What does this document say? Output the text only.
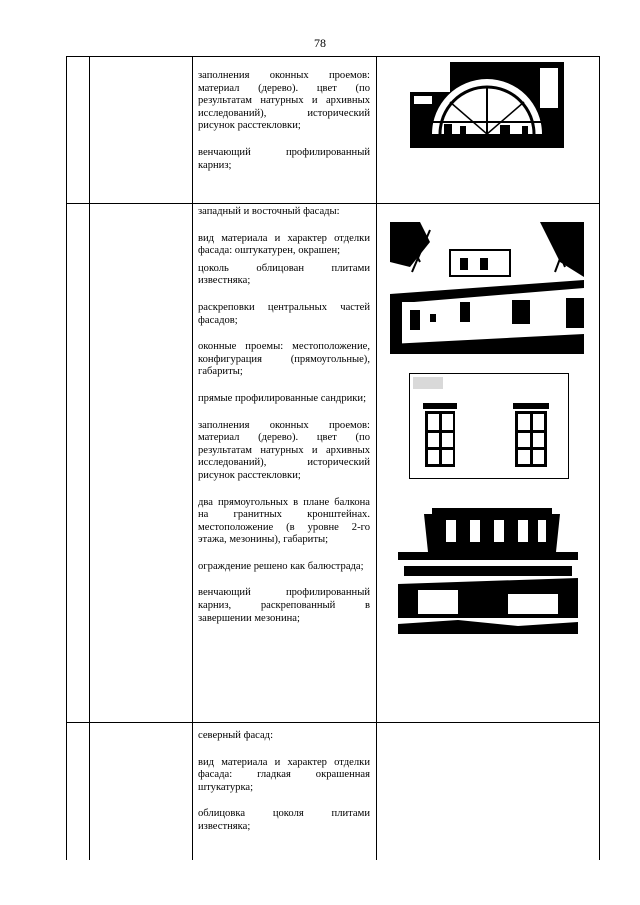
78

заполнения оконных проемов: материал (дерево). цвет (по результатам натурных и архивных исследований), исторический рисунок расстекловки;

венчающий профилированный карниз;

западный и восточный фасады:

вид материала и характер отделки фасада: оштукатурен, окрашен;

цоколь облицован плитами известняка;

раскреповки центральных частей фасадов;

оконные проемы: местоположение, конфигурация (прямоугольные), габариты;

прямые профилированные сандрики;

заполнения оконных проемов: материал (дерево). цвет (по результатам натурных и архивных исследований), исторический рисунок расстекловки;

два прямоугольных в плане балкона на гранитных кронштейнах. местоположение (в уровне 2-го этажа, мезонины), габариты;

ограждение решено как балюстрада;

венчающий профилированный карниз, раскрепованный в завершении мезонина;

северный фасад:

вид материала и характер отделки фасада: гладкая окрашенная штукатурка;

облицовка цоколя плитами известняка;
